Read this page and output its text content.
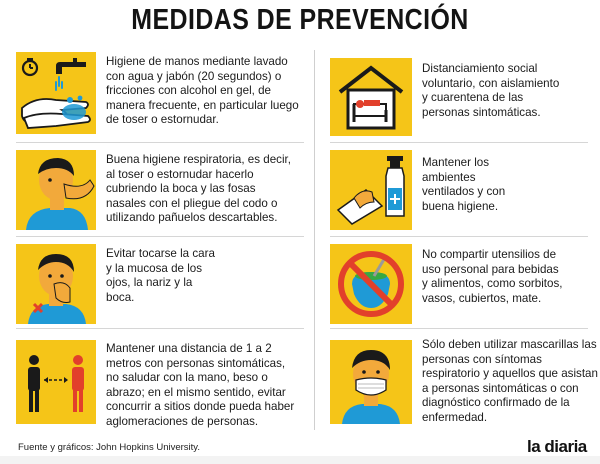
MEDIDAS DE PREVENCIÓN
Higiene de manos mediante lavado
con agua y jabón (20 segundos) o
fricciones con alcohol en gel, de
manera frecuente, en particular luego
de toser o estornudar.
Buena higiene respiratoria, es decir,
al toser o estornudar hacerlo
cubriendo la boca y las fosas
nasales con el pliegue del codo o
utilizando pañuelos descartables.
Evitar tocarse la cara
y la mucosa de los
ojos, la nariz y la
boca.
Mantener una distancia de 1 a 2
metros con personas sintomáticas,
no saludar con la mano, beso o
abrazo; en el mismo sentido, evitar
concurrir a sitios donde pueda haber
aglomeraciones de personas.
Distanciamiento social
voluntario, con aislamiento
y cuarentena de las
personas sintomáticas.
Mantener los
ambientes
ventilados y con
buena higiene.
No compartir utensilios de
uso personal para bebidas
y alimentos, como sorbitos,
vasos, cubiertos, mate.
Sólo deben utilizar mascarillas las
personas con síntomas
respiratorio y aquellos que asistan
a personas sintomáticas o con
diagnóstico confirmado de la
enfermedad.
Fuente y gráficos: John Hopkins University.	la diaria
